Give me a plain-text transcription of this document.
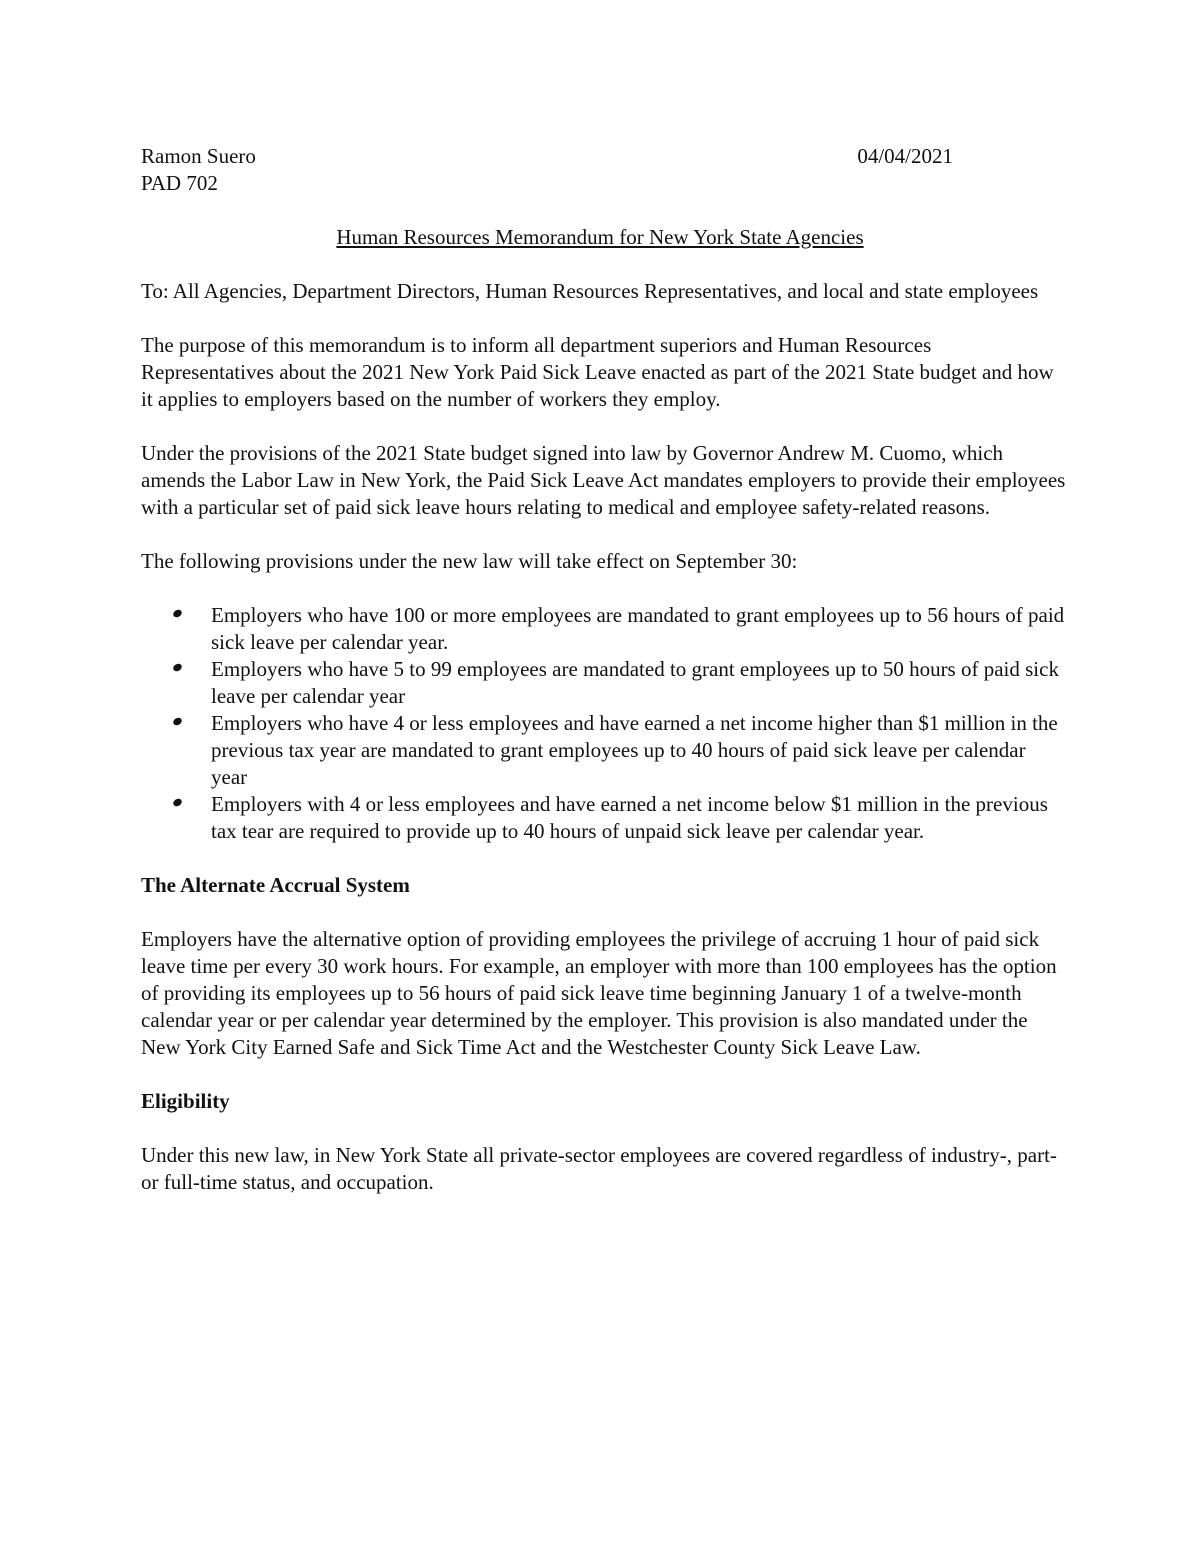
Ramon Suero	04/04/2021

PAD 702

Human Resources Memorandum for New York State Agencies

To: All Agencies, Department Directors, Human Resources Representatives, and local and state employees

The purpose of this memorandum is to inform all department superiors and Human Resources Representatives about the 2021 New York Paid Sick Leave enacted as part of the 2021 State budget and how it applies to employers based on the number of workers they employ.

Under the provisions of the 2021 State budget signed into law by Governor Andrew M. Cuomo, which amends the Labor Law in New York, the Paid Sick Leave Act mandates employers to provide their employees with a particular set of paid sick leave hours relating to medical and employee safety-related reasons.

The following provisions under the new law will take effect on September 30:

Employers who have 100 or more employees are mandated to grant employees up to 56 hours of paid sick leave per calendar year.
Employers who have 5 to 99 employees are mandated to grant employees up to 50 hours of paid sick leave per calendar year
Employers who have 4 or less employees and have earned a net income higher than $1 million in the previous tax year are mandated to grant employees up to 40 hours of paid sick leave per calendar year
Employers with 4 or less employees and have earned a net income below $1 million in the previous tax tear are required to provide up to 40 hours of unpaid sick leave per calendar year.
The Alternate Accrual System

Employers have the alternative option of providing employees the privilege of accruing 1 hour of paid sick leave time per every 30 work hours. For example, an employer with more than 100 employees has the option of providing its employees up to 56 hours of paid sick leave time beginning January 1 of a twelve-month calendar year or per calendar year determined by the employer. This provision is also mandated under the New York City Earned Safe and Sick Time Act and the Westchester County Sick Leave Law.

Eligibility

Under this new law, in New York State all private-sector employees are covered regardless of industry-, part- or full-time status, and occupation.
